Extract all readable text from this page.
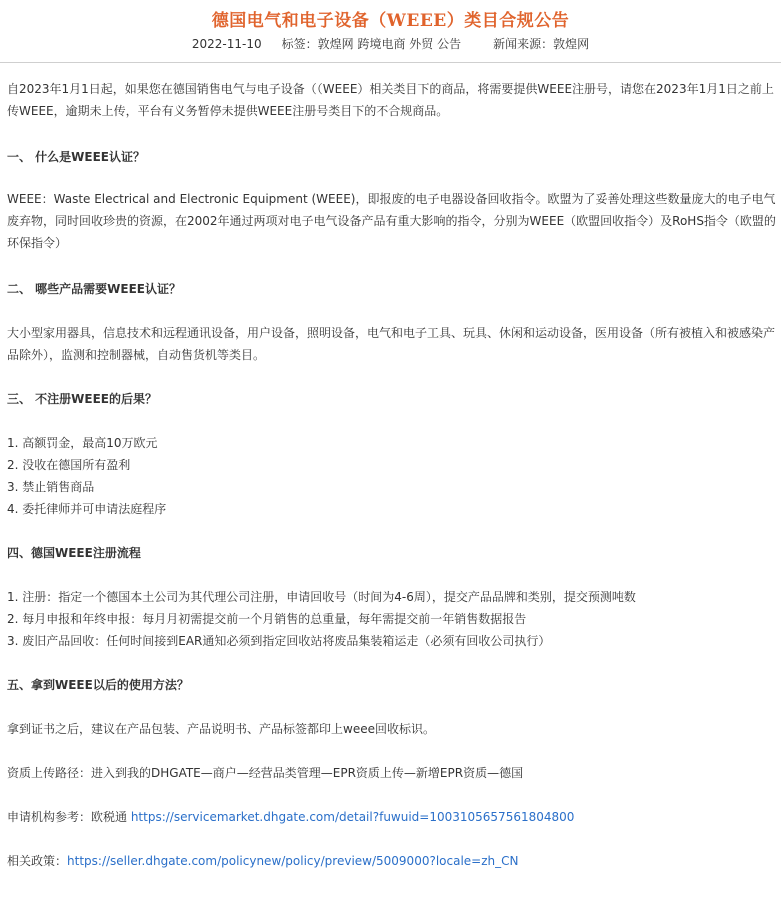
德国电气和电子设备（WEEE）类目合规公告
2022-11-10 标签：敦煌网 跨境电商 外贸 公告	新闻来源：敦煌网

自2023年1月1日起，如果您在德国销售电气与电子设备（（WEEE）相关类目下的商品，将需要提供WEEE注册号，请您在2023年1月1日之前上传WEEE，逾期未上传，平台有义务暂停未提供WEEE注册号类目下的不合规商品。

一、 什么是WEEE认证？

WEEE：Waste Electrical and Electronic Equipment (WEEE)，即报废的电子电器设备回收指令。欧盟为了妥善处理这些数量庞大的电子电气废弃物，同时回收珍贵的资源，在2002年通过两项对电子电气设备产品有重大影响的指令，分别为WEEE（欧盟回收指令）及RoHS指令（欧盟的环保指令）

二、 哪些产品需要WEEE认证？

大小型家用器具，信息技术和远程通讯设备，用户设备，照明设备，电气和电子工具、玩具、休闲和运动设备，医用设备（所有被植入和被感染产品除外），监测和控制器械，自动售货机等类目。

三、 不注册WEEE的后果？

1. 高额罚金，最高10万欧元

2. 没收在德国所有盈利

3. 禁止销售商品

4. 委托律师并可申请法庭程序

四、德国WEEE注册流程

1. 注册：指定一个德国本土公司为其代理公司注册，申请回收号（时间为4-6周），提交产品品牌和类别，提交预测吨数

2. 每月申报和年终申报：每月月初需提交前一个月销售的总重量，每年需提交前一年销售数据报告

3. 废旧产品回收：任何时间接到EAR通知必须到指定回收站将废品集装箱运走（必须有回收公司执行）

五、拿到WEEE以后的使用方法？

拿到证书之后，建议在产品包装、产品说明书、产品标签都印上weee回收标识。

资质上传路径：进入到我的DHGATE—商户—经营品类管理—EPR资质上传—新增EPR资质—德国

申请机构参考：欧税通 https://servicemarket.dhgate.com/detail?fuwuid=1003105657561804800
相关政策：https://seller.dhgate.com/policynew/policy/preview/5009000?locale=zh_CN
